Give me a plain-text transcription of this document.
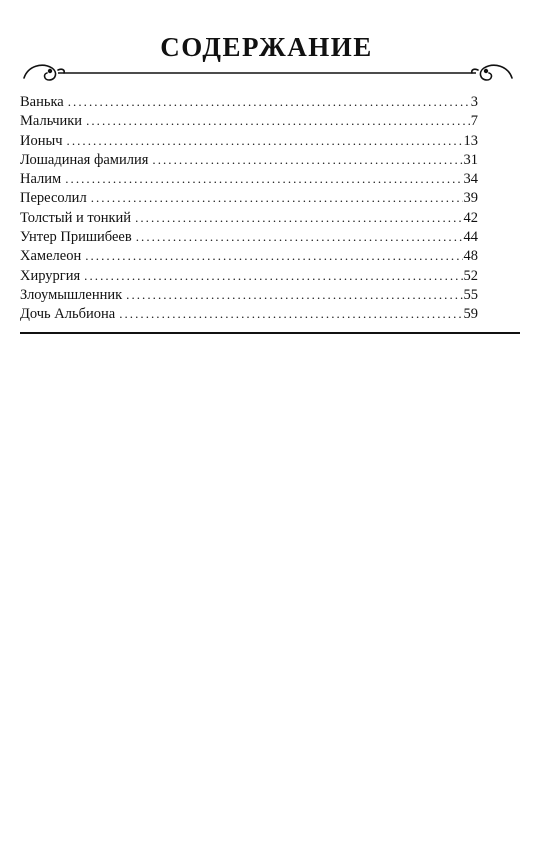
СОДЕРЖАНИЕ
Ванька . . .	3
Мальчики . . .	7
Ионыч . . .	13
Лошадиная фамилия . . .	31
Налим . . .	34
Пересолил . . .	39
Толстый и тонкий . . .	42
Унтер Пришибеев . . .	44
Хамелеон . . .	48
Хирургия . . .	52
Злоумышленник . . .	55
Дочь Альбиона . . .	59
